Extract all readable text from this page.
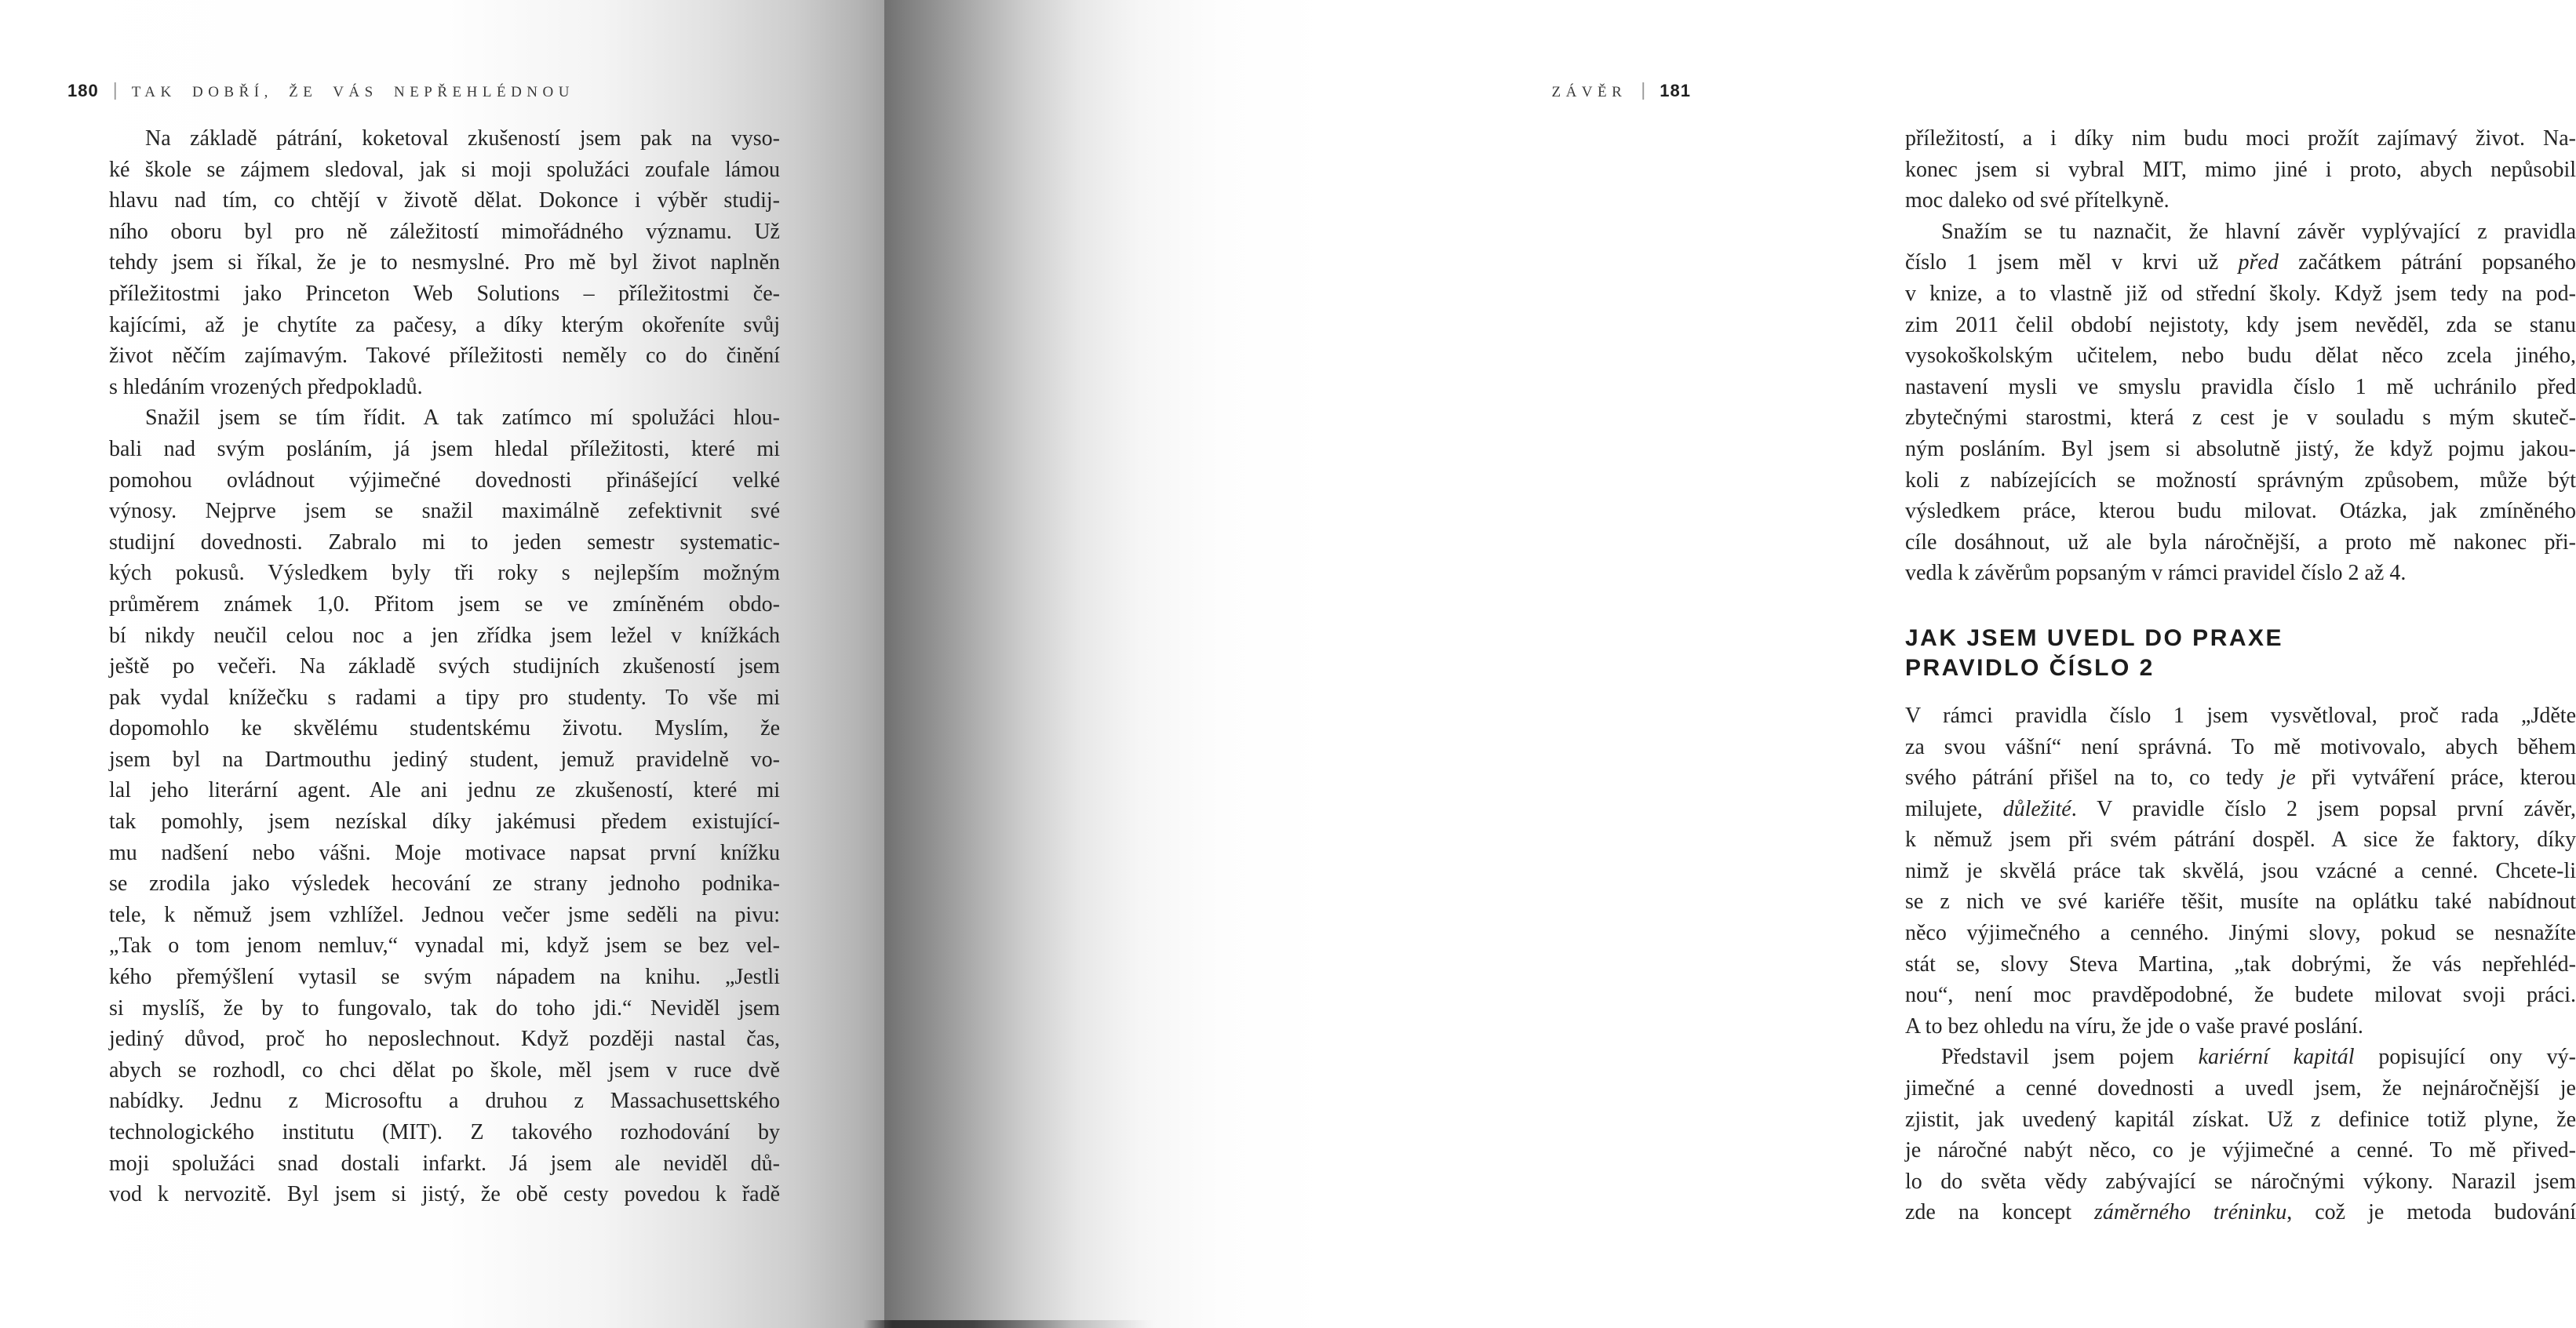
180 | TAK DOBŘÍ, ŽE VÁS NEPŘEHLÉDNOU
Na základě pátrání, koketoval zkušeností jsem pak na vyso-
ké škole se zájmem sledoval, jak si moji spolužáci zoufale lámou
hlavu nad tím, co chtějí v životě dělat. Dokonce i výběr studij-
ního oboru byl pro ně záležitostí mimořádného významu. Už
tehdy jsem si říkal, že je to nesmyslné. Pro mě byl život naplněn
příležitostmi jako Princeton Web Solutions – příležitostmi če-
kajícími, až je chytíte za pačesy, a díky kterým okořeníte svůj
život něčím zajímavým. Takové příležitosti neměly co do činění
s hledáním vrozených předpokladů.
Snažil jsem se tím řídit. A tak zatímco mí spolužáci hlou-
bali nad svým posláním, já jsem hledal příležitosti, které mi
pomohou ovládnout výjimečné dovednosti přinášející velké
výnosy. Nejprve jsem se snažil maximálně zefektivnit své
studijní dovednosti. Zabralo mi to jeden semestr systematic-
kých pokusů. Výsledkem byly tři roky s nejlepším možným
průměrem známek 1,0. Přitom jsem se ve zmíněném obdo-
bí nikdy neučil celou noc a jen zřídka jsem ležel v knížkách
ještě po večeři. Na základě svých studijních zkušeností jsem
pak vydal knížečku s radami a tipy pro studenty. To vše mi
dopomohlo ke skvělému studentskému životu. Myslím, že
jsem byl na Dartmouthu jediný student, jemuž pravidelně vo-
lal jeho literární agent. Ale ani jednu ze zkušeností, které mi
tak pomohly, jsem nezískal díky jakémusi předem existující-
mu nadšení nebo vášni. Moje motivace napsat první knížku
se zrodila jako výsledek hecování ze strany jednoho podnika-
tele, k němuž jsem vzhlížel. Jednou večer jsme seděli na pivu:
„Tak o tom jenom nemluv,“ vynadal mi, když jsem se bez vel-
kého přemýšlení vytasil se svým nápadem na knihu. „Jestli
si myslíš, že by to fungovalo, tak do toho jdi.“ Neviděl jsem
jediný důvod, proč ho neposlechnout. Když později nastal čas,
abych se rozhodl, co chci dělat po škole, měl jsem v ruce dvě
nabídky. Jednu z Microsoftu a druhou z Massachusettského
technologického institutu (MIT). Z takového rozhodování by
moji spolužáci snad dostali infarkt. Já jsem ale neviděl dů-
vod k nervozitě. Byl jsem si jistý, že obě cesty povedou k řadě
ZÁVĚR | 181
příležitostí, a i díky nim budu moci prožít zajímavý život. Na-
konec jsem si vybral MIT, mimo jiné i proto, abych nepůsobil
moc daleko od své přítelkyně.
Snažím se tu naznačit, že hlavní závěr vyplývající z pravidla
číslo 1 jsem měl v krvi už před začátkem pátrání popsaného
v knize, a to vlastně již od střední školy. Když jsem tedy na pod-
zim 2011 čelil období nejistoty, kdy jsem nevěděl, zda se stanu
vysokoškolským učitelem, nebo budu dělat něco zcela jiného,
nastavení mysli ve smyslu pravidla číslo 1 mě uchránilo před
zbytečnými starostmi, která z cest je v souladu s mým skuteč-
ným posláním. Byl jsem si absolutně jistý, že když pojmu jakou-
koli z nabízejících se možností správným způsobem, může být
výsledkem práce, kterou budu milovat. Otázka, jak zmíněného
cíle dosáhnout, už ale byla náročnější, a proto mě nakonec při-
vedla k závěrům popsaným v rámci pravidel číslo 2 až 4.
JAK JSEM UVEDL DO PRAXE
PRAVIDLO ČÍSLO 2
V rámci pravidla číslo 1 jsem vysvětloval, proč rada „Jděte
za svou vášní“ není správná. To mě motivovalo, abych během
svého pátrání přišel na to, co tedy je při vytváření práce, kterou
milujete, důležité. V pravidle číslo 2 jsem popsal první závěr,
k němuž jsem při svém pátrání dospěl. A sice že faktory, díky
nimž je skvělá práce tak skvělá, jsou vzácné a cenné. Chcete-li
se z nich ve své kariéře těšit, musíte na oplátku také nabídnout
něco výjimečného a cenného. Jinými slovy, pokud se nesnažíte
stát se, slovy Steva Martina, „tak dobrými, že vás nepřehléd-
nou“, není moc pravděpodobné, že budete milovat svoji práci.
A to bez ohledu na víru, že jde o vaše pravé poslání.
Představil jsem pojem kariérní kapitál popisující ony vý-
jimečné a cenné dovednosti a uvedl jsem, že nejnáročnější je
zjistit, jak uvedený kapitál získat. Už z definice totiž plyne, že
je náročné nabýt něco, co je výjimečné a cenné. To mě přived-
lo do světa vědy zabývající se náročnými výkony. Narazil jsem
zde na koncept záměrného tréninku, což je metoda budování
